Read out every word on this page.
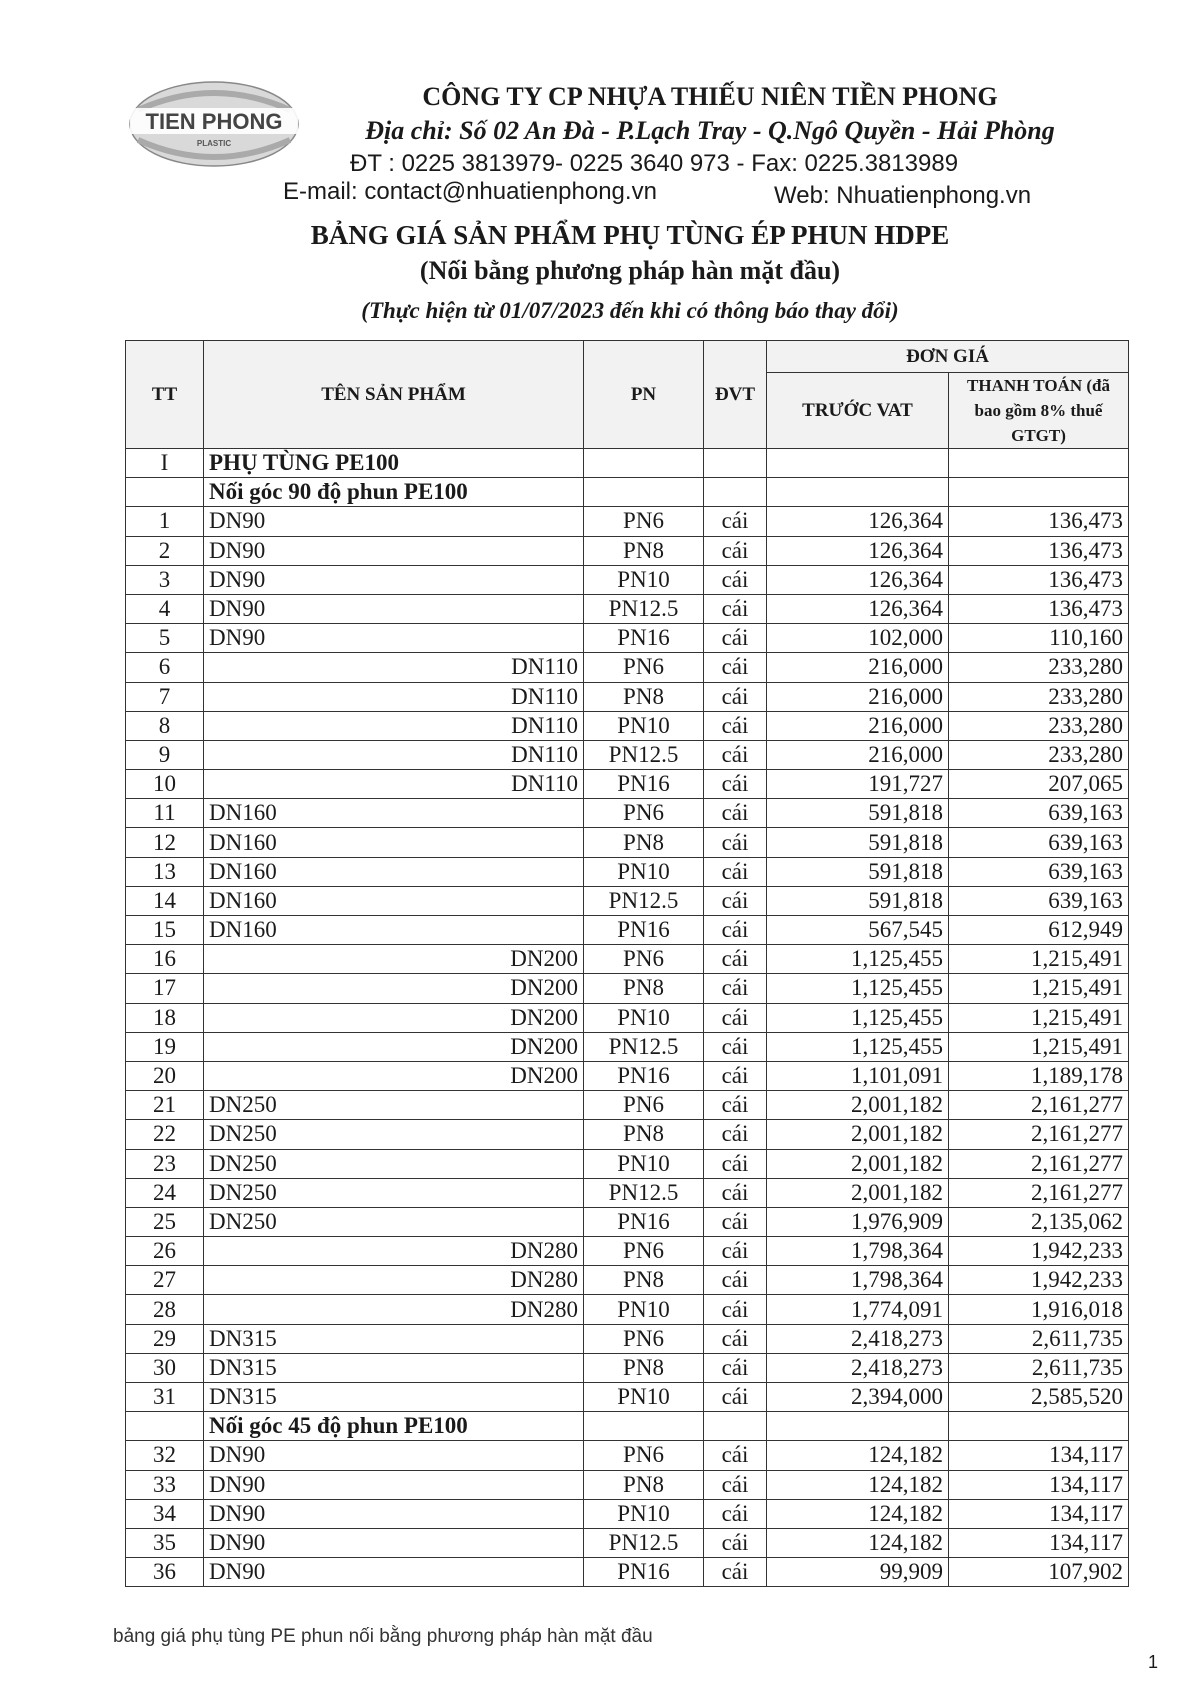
TIEN PHONG
PLASTIC
CÔNG TY CP NHỰA THIẾU NIÊN TIỀN PHONG
Địa chỉ: Số 02 An Đà - P.Lạch Tray - Q.Ngô Quyền - Hải Phòng
ĐT : 0225 3813979- 0225 3640 973 - Fax: 0225.3813989
E-mail: contact@nhuatienphong.vn	Web: Nhuatienphong.vn
BẢNG GIÁ SẢN PHẨM PHỤ TÙNG ÉP PHUN HDPE
(Nối bằng phương pháp hàn mặt đầu)
(Thực hiện từ 01/07/2023 đến khi có thông báo thay đổi)
TT	TÊN SẢN PHẨM	PN	ĐVT	ĐƠN GIÁ	
				TRƯỚC VAT	THANH TOÁN (đã bao gồm 8% thuế GTGT)
I	PHỤ TÙNG PE100				
	Nối góc 90 độ phun PE100				
1	DN90	PN6	cái	126,364	136,473
2	DN90	PN8	cái	126,364	136,473
3	DN90	PN10	cái	126,364	136,473
4	DN90	PN12.5	cái	126,364	136,473
5	DN90	PN16	cái	102,000	110,160
6	DN110	PN6	cái	216,000	233,280
7	DN110	PN8	cái	216,000	233,280
8	DN110	PN10	cái	216,000	233,280
9	DN110	PN12.5	cái	216,000	233,280
10	DN110	PN16	cái	191,727	207,065
11	DN160	PN6	cái	591,818	639,163
12	DN160	PN8	cái	591,818	639,163
13	DN160	PN10	cái	591,818	639,163
14	DN160	PN12.5	cái	591,818	639,163
15	DN160	PN16	cái	567,545	612,949
16	DN200	PN6	cái	1,125,455	1,215,491
17	DN200	PN8	cái	1,125,455	1,215,491
18	DN200	PN10	cái	1,125,455	1,215,491
19	DN200	PN12.5	cái	1,125,455	1,215,491
20	DN200	PN16	cái	1,101,091	1,189,178
21	DN250	PN6	cái	2,001,182	2,161,277
22	DN250	PN8	cái	2,001,182	2,161,277
23	DN250	PN10	cái	2,001,182	2,161,277
24	DN250	PN12.5	cái	2,001,182	2,161,277
25	DN250	PN16	cái	1,976,909	2,135,062
26	DN280	PN6	cái	1,798,364	1,942,233
27	DN280	PN8	cái	1,798,364	1,942,233
28	DN280	PN10	cái	1,774,091	1,916,018
29	DN315	PN6	cái	2,418,273	2,611,735
30	DN315	PN8	cái	2,418,273	2,611,735
31	DN315	PN10	cái	2,394,000	2,585,520
	Nối góc 45 độ phun PE100				
32	DN90	PN6	cái	124,182	134,117
33	DN90	PN8	cái	124,182	134,117
34	DN90	PN10	cái	124,182	134,117
35	DN90	PN12.5	cái	124,182	134,117
36	DN90	PN16	cái	99,909	107,902
bảng giá phụ tùng PE phun nối bằng phương pháp hàn mặt đầu
1
